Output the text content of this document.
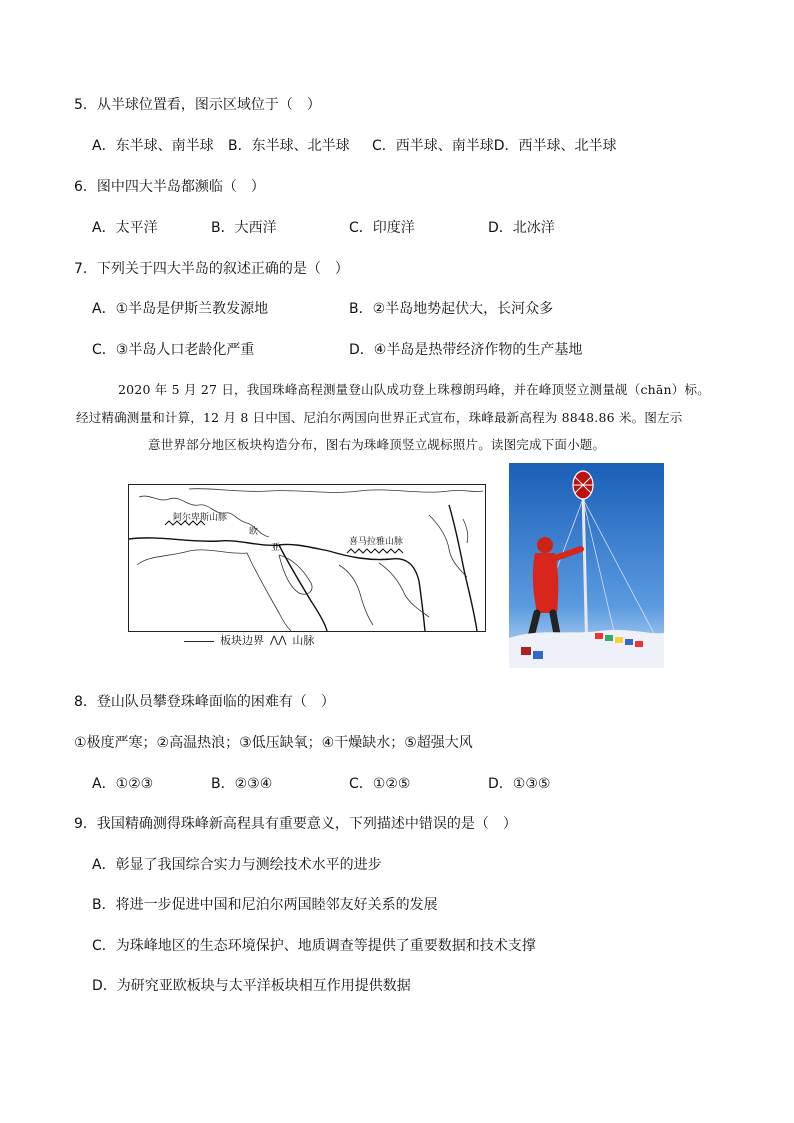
5．从半球位置看，图示区域位于（　）
A．东半球、南半球 B．东半球、北半球 C．西半球、南半球D．西半球、北半球
6．图中四大半岛都濒临（　）
A．太平洋	B．大西洋	C．印度洋	D．北冰洋
7．下列关于四大半岛的叙述正确的是（　）
A．①半岛是伊斯兰教发源地	B．②半岛地势起伏大，长河众多
C．③半岛人口老龄化严重	D．④半岛是热带经济作物的生产基地
2020 年 5 月 27 日，我国珠峰高程测量登山队成功登上珠穆朗玛峰，并在峰顶竖立测量觇（chān）标。
经过精确测量和计算，12 月 8 日中国、尼泊尔两国向世界正式宣布，珠峰最新高程为 8848.86 米。图左示
意世界部分地区板块构造分布，图右为珠峰顶竖立觇标照片。读图完成下面小题。
阿尔卑斯山脉
喜马拉雅山脉
欧
亚
板块边界 ⋀⋀ 山脉
8．登山队员攀登珠峰面临的困难有（　）
①极度严寒；②高温热浪；③低压缺氧；④干燥缺水；⑤超强大风
A．①②③	B．②③④	C．①②⑤	D．①③⑤
9．我国精确测得珠峰新高程具有重要意义，下列描述中错误的是（　）
A．彰显了我国综合实力与测绘技术水平的进步
B．将进一步促进中国和尼泊尔两国睦邻友好关系的发展
C．为珠峰地区的生态环境保护、地质调查等提供了重要数据和技术支撑
D．为研究亚欧板块与太平洋板块相互作用提供数据
